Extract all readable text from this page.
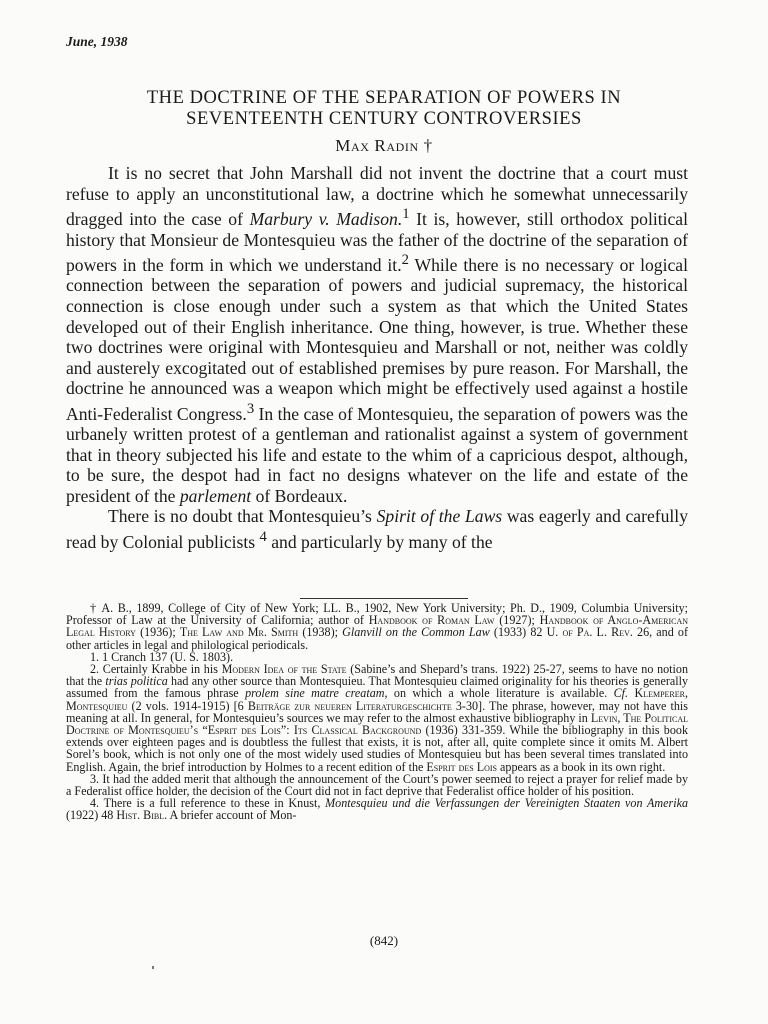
June, 1938
THE DOCTRINE OF THE SEPARATION OF POWERS IN
SEVENTEENTH CENTURY CONTROVERSIES
Max Radin †

It is no secret that John Marshall did not invent the doctrine that a court must refuse to apply an unconstitutional law, a doctrine which he somewhat unnecessarily dragged into the case of Marbury v. Madison.$^1$ It is, however, still orthodox political history that Monsieur de Montesquieu was the father of the doctrine of the separation of powers in the form in which we understand it.$^2$ While there is no necessary or logical connection between the separation of powers and judicial supremacy, the historical connection is close enough under such a system as that which the United States developed out of their English inheritance. One thing, however, is true. Whether these two doctrines were original with Montesquieu and Marshall or not, neither was coldly and austerely excogitated out of established premises by pure reason. For Marshall, the doctrine he announced was a weapon which might be effectively used against a hostile Anti-Federalist Congress.$^3$ In the case of Montesquieu, the separation of powers was the urbanely written protest of a gentleman and rationalist against a system of government that in theory subjected his life and estate to the whim of a capricious despot, although, to be sure, the despot had in fact no designs whatever on the life and estate of the president of the parlement of Bordeaux.

There is no doubt that Montesquieu’s Spirit of the Laws was eagerly and carefully read by Colonial publicists $^4$ and particularly by many of the

† A. B., 1899, College of City of New York; LL. B., 1902, New York University; Ph. D., 1909, Columbia University; Professor of Law at the University of California; author of Handbook of Roman Law (1927); Handbook of Anglo-American Legal History (1936); The Law and Mr. Smith (1938); Glanvill on the Common Law (1933) 82 U. of Pa. L. Rev. 26, and of other articles in legal and philological periodicals.

1. 1 Cranch 137 (U. S. 1803).

2. Certainly Krabbe in his Modern Idea of the State (Sabine’s and Shepard’s trans. 1922) 25-27, seems to have no notion that the trias politica had any other source than Montesquieu. That Montesquieu claimed originality for his theories is generally assumed from the famous phrase prolem sine matre creatam, on which a whole literature is available. Cf. Klemperer, Montesquieu (2 vols. 1914-1915) [6 Beiträge zur neueren Literaturgeschichte 3-30]. The phrase, however, may not have this meaning at all. In general, for Montesquieu’s sources we may refer to the almost exhaustive bibliography in Levin, The Political Doctrine of Montesquieu’s “Esprit des Lois”: Its Classical Background (1936) 331-359. While the bibliography in this book extends over eighteen pages and is doubtless the fullest that exists, it is not, after all, quite complete since it omits M. Albert Sorel’s book, which is not only one of the most widely used studies of Montesquieu but has been several times translated into English. Again, the brief introduction by Holmes to a recent edition of the Esprit des Lois appears as a book in its own right.

3. It had the added merit that although the announcement of the Court’s power seemed to reject a prayer for relief made by a Federalist office holder, the decision of the Court did not in fact deprive that Federalist office holder of his position.

4. There is a full reference to these in Knust, Montesquieu und die Verfassungen der Vereinigten Staaten von Amerika (1922) 48 Hist. Bibl. A briefer account of Mon-

(842)
